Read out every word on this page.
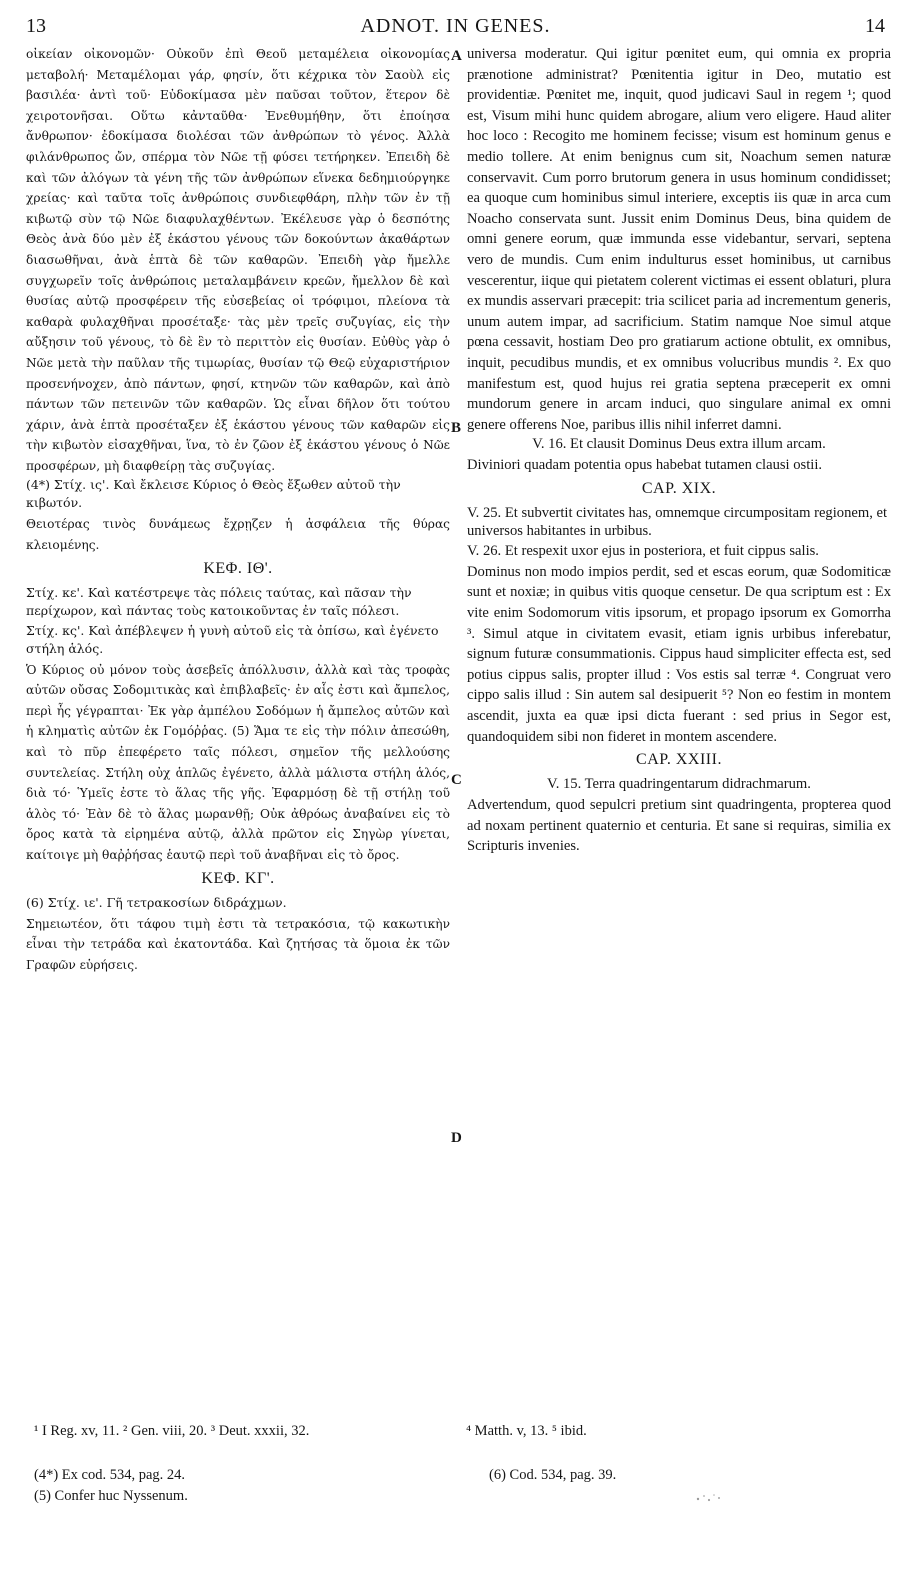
13	ADNOT. IN GENES.	14
A
B
C
D

οἰκείαν οἰκονομῶν· Οὐκοῦν ἐπὶ Θεοῦ μεταμέλεια οἰκονομίας μεταβολή· Μεταμέλομαι γάρ, φησίν, ὅτι κέχρικα τὸν Σαοὺλ εἰς βασιλέα· ἀντὶ τοῦ· Εὐδοκίμασα μὲν παῦσαι τοῦτον, ἕτερον δὲ χειροτονῆσαι. Οὕτω κἀνταῦθα· Ἐνεθυμήθην, ὅτι ἐποίησα ἄνθρωπον· ἐδοκίμασα διολέσαι τῶν ἀνθρώπων τὸ γένος. Ἀλλὰ φιλάνθρωπος ὤν, σπέρμα τὸν Νῶε τῇ φύσει τετήρηκεν. Ἐπειδὴ δὲ καὶ τῶν ἀλόγων τὰ γένη τῆς τῶν ἀνθρώπων εἵνεκα δεδημιούργηκε χρείας· καὶ ταῦτα τοῖς ἀνθρώποις συνδιεφθάρη, πλὴν τῶν ἐν τῇ κιβωτῷ σὺν τῷ Νῶε διαφυλαχθέντων. Ἐκέλευσε γὰρ ὁ δεσπότης Θεὸς ἀνὰ δύο μὲν ἐξ ἑκάστου γένους τῶν δοκούντων ἀκαθάρτων διασωθῆναι, ἀνὰ ἑπτὰ δὲ τῶν καθαρῶν. Ἐπειδὴ γὰρ ἤμελλε συγχωρεῖν τοῖς ἀνθρώποις μεταλαμβάνειν κρεῶν, ἤμελλον δὲ καὶ θυσίας αὐτῷ προσφέρειν τῆς εὐσεβείας οἱ τρόφιμοι, πλείονα τὰ καθαρὰ φυλαχθῆναι προσέταξε· τὰς μὲν τρεῖς συζυγίας, εἰς τὴν αὔξησιν τοῦ γένους, τὸ δὲ ἓν τὸ περιττὸν εἰς θυσίαν. Εὐθὺς γὰρ ὁ Νῶε μετὰ τὴν παῦλαν τῆς τιμωρίας, θυσίαν τῷ Θεῷ εὐχαριστήριον προσενήνοχεν, ἀπὸ πάντων, φησί, κτηνῶν τῶν καθαρῶν, καὶ ἀπὸ πάντων τῶν πετεινῶν τῶν καθαρῶν. Ὡς εἶναι δῆλον ὅτι τούτου χάριν, ἀνὰ ἑπτὰ προσέταξεν ἐξ ἑκάστου γένους τῶν καθαρῶν εἰς τὴν κιβωτὸν εἰσαχθῆναι, ἵνα, τὸ ἐν ζῶον ἐξ ἑκάστου γένους ὁ Νῶε προσφέρων, μὴ διαφθείρῃ τὰς συζυγίας.

(4*) Στίχ. ις'. Καὶ ἔκλεισε Κύριος ὁ Θεὸς ἔξωθεν αὐτοῦ τὴν κιβωτόν.

Θειοτέρας τινὸς δυνάμεως ἔχρῃζεν ἡ ἀσφάλεια τῆς θύρας κλειομένης.

ΚΕΦ. ΙΘ'.

Στίχ. κε'. Καὶ κατέστρεψε τὰς πόλεις ταύτας, καὶ πᾶσαν τὴν περίχωρον, καὶ πάντας τοὺς κατοικοῦντας ἐν ταῖς πόλεσι.

Στίχ. κς'. Καὶ ἀπέβλεψεν ἡ γυνὴ αὐτοῦ εἰς τὰ ὀπίσω, καὶ ἐγένετο στήλη ἁλός.

Ὁ Κύριος οὐ μόνον τοὺς ἀσεβεῖς ἀπόλλυσιν, ἀλλὰ καὶ τὰς τροφὰς αὐτῶν οὔσας Σοδομιτικὰς καὶ ἐπιβλαβεῖς· ἐν αἷς ἐστι καὶ ἄμπελος, περὶ ἧς γέγραπται· Ἐκ γὰρ ἀμπέλου Σοδόμων ἡ ἄμπελος αὐτῶν καὶ ἡ κληματὶς αὐτῶν ἐκ Γομόῤῥας. (5) Ἅμα τε εἰς τὴν πόλιν ἀπεσώθη, καὶ τὸ πῦρ ἐπεφέρετο ταῖς πόλεσι, σημεῖον τῆς μελλούσης συντελείας. Στήλη οὐχ ἁπλῶς ἐγένετο, ἀλλὰ μάλιστα στήλη ἁλός, διὰ τό· Ὑμεῖς ἐστε τὸ ἅλας τῆς γῆς. Ἐφαρμόσῃ δὲ τῇ στήλῃ τοῦ ἁλὸς τό· Ἐὰν δὲ τὸ ἅλας μωρανθῇ; Οὐκ ἀθρόως ἀναβαίνει εἰς τὸ ὄρος κατὰ τὰ εἰρημένα αὐτῷ, ἀλλὰ πρῶτον εἰς Σηγὼρ γίνεται, καίτοιγε μὴ θαῤῥήσας ἑαυτῷ περὶ τοῦ ἀναβῆναι εἰς τὸ ὄρος.

ΚΕΦ. ΚΓ'.

(6) Στίχ. ιε'. Γῆ τετρακοσίων διδράχμων.

Σημειωτέον, ὅτι τάφου τιμὴ ἐστι τὰ τετρακόσια, τῷ κακωτικὴν εἶναι τὴν τετράδα καὶ ἑκατοντάδα. Καὶ ζητήσας τὰ ὅμοια ἐκ τῶν Γραφῶν εὑρήσεις.

universa moderatur. Qui igitur pœnitet eum, qui omnia ex propria prænotione administrat? Pœnitentia igitur in Deo, mutatio est providentiæ. Pœnitet me, inquit, quod judicavi Saul in regem ¹; quod est, Visum mihi hunc quidem abrogare, alium vero eligere. Haud aliter hoc loco : Recogito me hominem fecisse; visum est hominum genus e medio tollere. At enim benignus cum sit, Noachum semen naturæ conservavit. Cum porro brutorum genera in usus hominum condidisset; ea quoque cum hominibus simul interiere, exceptis iis quæ in arca cum Noacho conservata sunt. Jussit enim Dominus Deus, bina quidem de omni genere eorum, quæ immunda esse videbantur, servari, septena vero de mundis. Cum enim indulturus esset hominibus, ut carnibus vescerentur, iique qui pietatem colerent victimas ei essent oblaturi, plura ex mundis asservari præcepit: tria scilicet paria ad incrementum generis, unum autem impar, ad sacrificium. Statim namque Noe simul atque pœna cessavit, hostiam Deo pro gratiarum actione obtulit, ex omnibus, inquit, pecudibus mundis, et ex omnibus volucribus mundis ². Ex quo manifestum est, quod hujus rei gratia septena præceperit ex omni mundorum genere in arcam induci, quo singulare animal ex omni genere offerens Noe, paribus illis nihil inferret damni.

V. 16. Et clausit Dominus Deus extra illum arcam.

Diviniori quadam potentia opus habebat tutamen clausi ostii.

CAP. XIX.

V. 25. Et subvertit civitates has, omnemque circumpositam regionem, et universos habitantes in urbibus.

V. 26. Et respexit uxor ejus in posteriora, et fuit cippus salis.

Dominus non modo impios perdit, sed et escas eorum, quæ Sodomiticæ sunt et noxiæ; in quibus vitis quoque censetur. De qua scriptum est : Ex vite enim Sodomorum vitis ipsorum, et propago ipsorum ex Gomorrha ³. Simul atque in civitatem evasit, etiam ignis urbibus inferebatur, signum futuræ consummationis. Cippus haud simpliciter effecta est, sed potius cippus salis, propter illud : Vos estis sal terræ ⁴. Congruat vero cippo salis illud : Sin autem sal desipuerit ⁵? Non eo festim in montem ascendit, juxta ea quæ ipsi dicta fuerant : sed prius in Segor est, quandoquidem sibi non fideret in montem ascendere.

CAP. XXIII.

V. 15. Terra quadringentarum didrachmarum.

Advertendum, quod sepulcri pretium sint quadringenta, propterea quod ad noxam pertinent quaternio et centuria. Et sane si requiras, similia ex Scripturis invenies.

¹ I Reg. xv, 11. ² Gen. viii, 20. ³ Deut. xxxii, 32.	⁴ Matth. v, 13. ⁵ ibid.
(4*) Ex cod. 534, pag. 24.
(5) Confer huc Nyssenum.
(6) Cod. 534, pag. 39.
